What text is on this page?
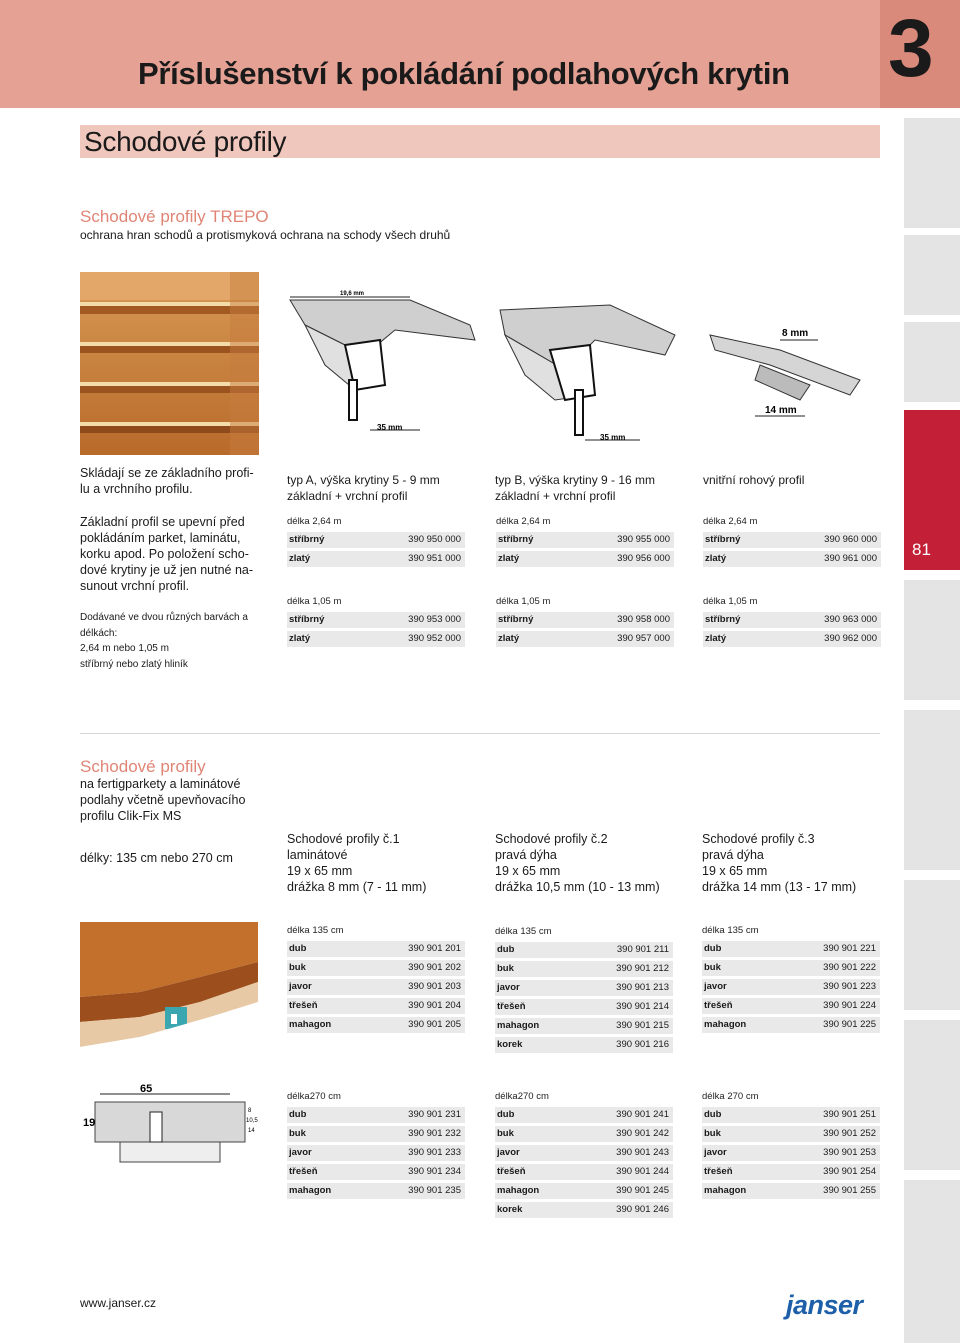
Příslušenství k pokládání podlahových krytin 3
Schodové profily
81
Schodové profily TREPO
ochrana hran schodů a protismyková ochrana na schody všech druhů
35 mm
19,6 mm
35 mm
8 mm
14 mm
Skládají se ze základního profi-
lu a vrchního profilu.
Základní profil se upevní před
pokládáním parket, laminátu,
korku apod. Po položení scho-
dové krytiny je už jen nutné na-
sunout vrchní profil.
Dodávané ve dvou různých barvách a
délkách:
2,64 m nebo 1,05 m
stříbrný nebo zlatý hliník
typ A, výška krytiny 5 - 9 mm
základní + vrchní profil
typ B, výška krytiny 9 - 16 mm
základní + vrchní profil
vnitřní rohový profil
délka 2,64 m
stříbrný	390 950 000
zlatý	390 951 000
délka 2,64 m
stříbrný	390 955 000
zlatý	390 956 000
délka 2,64 m
stříbrný	390 960 000
zlatý	390 961 000
délka 1,05 m
stříbrný	390 953 000
zlatý	390 952 000
délka 1,05 m
stříbrný	390 958 000
zlatý	390 957 000
délka 1,05 m
stříbrný	390 963 000
zlatý	390 962 000
Schodové profily
na fertigparkety a laminátové
podlahy včetně upevňovacího
profilu Clik-Fix MS
délky: 135 cm nebo 270 cm
Schodové profily č.1
laminátové
19 x 65 mm
drážka 8 mm (7 - 11 mm)
Schodové profily č.2
pravá dýha
19 x 65 mm
drážka 10,5 mm (10 - 13 mm)
Schodové profily č.3
pravá dýha
19 x 65 mm
drážka 14 mm (13 - 17 mm)
65
19
8
10,5
14
délka 135 cm
dub	390 901 201
buk	390 901 202
javor	390 901 203
třešeň	390 901 204
mahagon	390 901 205
délka 135 cm
dub	390 901 211
buk	390 901 212
javor	390 901 213
třešeň	390 901 214
mahagon	390 901 215
korek	390 901 216
délka 135 cm
dub	390 901 221
buk	390 901 222
javor	390 901 223
třešeň	390 901 224
mahagon	390 901 225
délka270 cm
dub	390 901 231
buk	390 901 232
javor	390 901 233
třešeň	390 901 234
mahagon	390 901 235
délka270 cm
dub	390 901 241
buk	390 901 242
javor	390 901 243
třešeň	390 901 244
mahagon	390 901 245
korek	390 901 246
délka 270 cm
dub	390 901 251
buk	390 901 252
javor	390 901 253
třešeň	390 901 254
mahagon	390 901 255
www.janser.cz	janser
